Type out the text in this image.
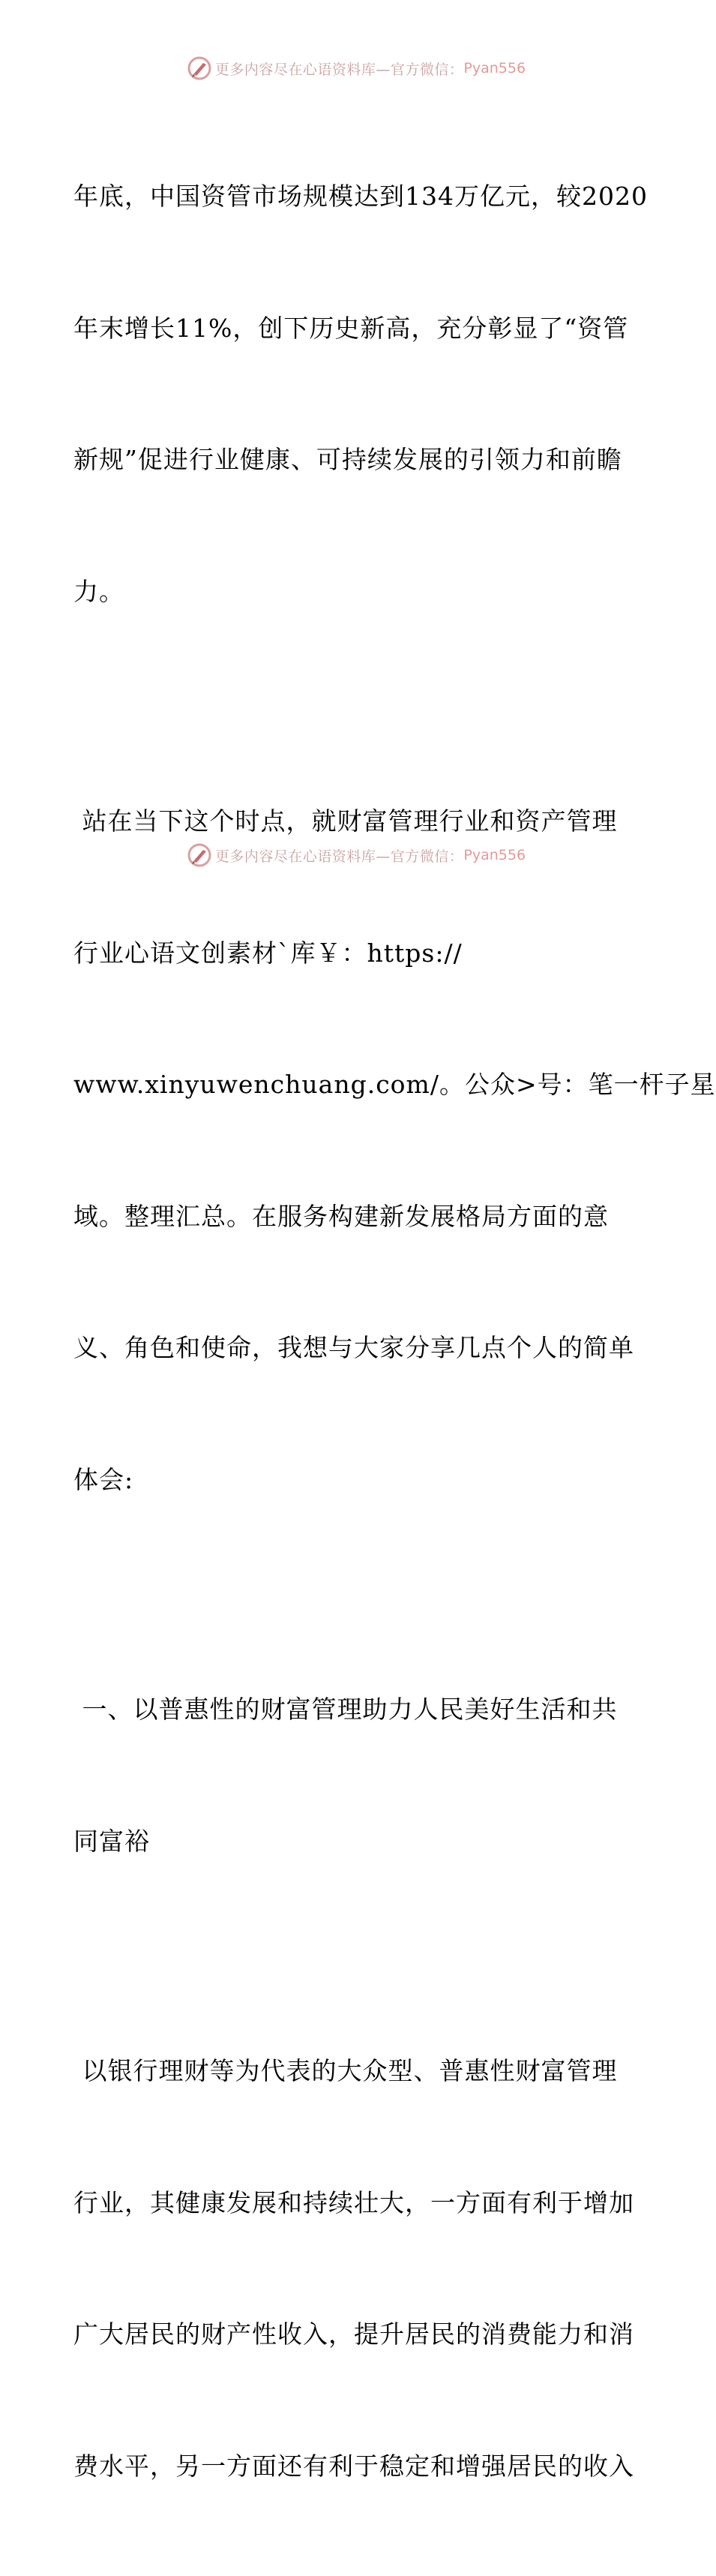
更多内容尽在心语资料库—官方微信： Pyan556

年底，中国资管市场规模达到134万亿元，较2020

年末增长11%，创下历史新高，充分彰显了“资管

新规”促进行业健康、可持续发展的引领力和前瞻

力。

站在当下这个时点，就财富管理行业和资产管理

行业心语文创素材`库￥：https://

www.xinyuwenchuang.com/。公众>号：笔一杆子星

域。整理汇总。在服务构建新发展格局方面的意

义、角色和使命，我想与大家分享几点个人的简单

体会:

一、以普惠性的财富管理助力人民美好生活和共

同富裕

以银行理财等为代表的大众型、普惠性财富管理

行业，其健康发展和持续壮大，一方面有利于增加

广大居民的财产性收入，提升居民的消费能力和消

费水平，另一方面还有利于稳定和增强居民的收入

更多内容尽在心语资料库—官方微信： Pyan556
